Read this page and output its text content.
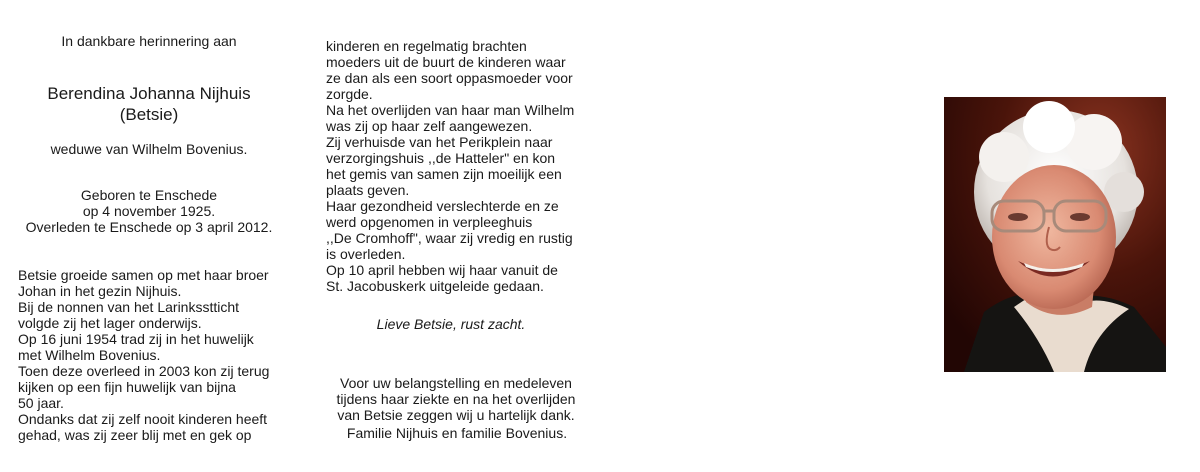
In dankbare herinnering aan
Berendina Johanna Nijhuis
(Betsie)
weduwe van Wilhelm Bovenius.
Geboren te Enschede
op 4 november 1925.
Overleden te Enschede op 3 april 2012.
Betsie groeide samen op met haar broer
Johan in het gezin Nijhuis.
Bij de nonnen van het Larinksstticht
volgde zij het lager onderwijs.
Op 16 juni 1954 trad zij in het huwelijk
met Wilhelm Bovenius.
Toen deze overleed in 2003 kon zij terug
kijken op een fijn huwelijk van bijna
50 jaar.
Ondanks dat zij zelf nooit kinderen heeft
gehad, was zij zeer blij met en gek op
kinderen en regelmatig brachten
moeders uit de buurt de kinderen waar
ze dan als een soort oppasmoeder voor
zorgde.
Na het overlijden van haar man Wilhelm
was zij op haar zelf aangewezen.
Zij verhuisde van het Perikplein naar
verzorgingshuis ,,de Hatteler" en kon
het gemis van samen zijn moeilijk een
plaats geven.
Haar gezondheid verslechterde en ze
werd opgenomen in verpleeghuis
,,De Cromhoff", waar zij vredig en rustig
is overleden.
Op 10 april hebben wij haar vanuit de
St. Jacobuskerk uitgeleide gedaan.
Lieve Betsie, rust zacht.
Voor uw belangstelling en medeleven
tijdens haar ziekte en na het overlijden
van Betsie zeggen wij u hartelijk dank.
Familie Nijhuis en familie Bovenius.
